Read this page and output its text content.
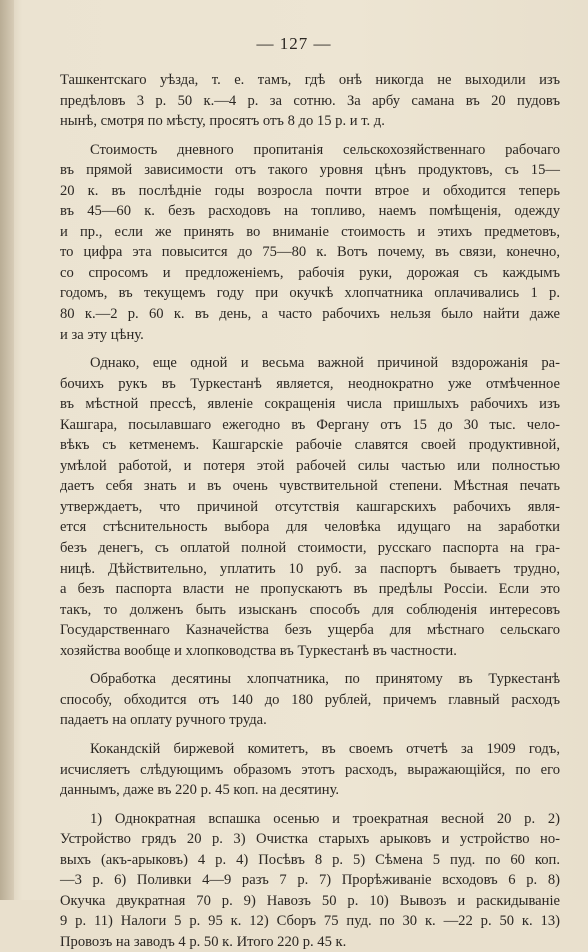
— 127 —

Ташкентскаго уѣзда, т. е. тамъ, гдѣ онѣ никогда не выходили изъ
предѣловъ 3 р. 50 к.—4 р. за сотню. За арбу самана въ 20 пудовъ
нынѣ, смотря по мѣсту, просятъ отъ 8 до 15 р. и т. д.

Стоимость дневного пропитанія сельскохозяйственнаго рабочаго
въ прямой зависимости отъ такого уровня цѣнъ продуктовъ, съ 15—
20 к. въ послѣдніе годы возросла почти втрое и обходится теперь
въ 45—60 к. безъ расходовъ на топливо, наемъ помѣщенія, одежду
и пр., если же принять во вниманіе стоимость и этихъ предметовъ,
то цифра эта повысится до 75—80 к. Вотъ почему, въ связи, конечно,
со спросомъ и предложеніемъ, рабочія руки, дорожая съ каждымъ
годомъ, въ текущемъ году при окучкѣ хлопчатника оплачивались 1 р.
80 к.—2 р. 60 к. въ день, а часто рабочихъ нельзя было найти даже
и за эту цѣну.

Однако, еще одной и весьма важной причиной вздорожанія ра-
бочихъ рукъ въ Туркестанѣ является, неоднократно уже отмѣченное
въ мѣстной прессѣ, явленіе сокращенія числа пришлыхъ рабочихъ изъ
Кашгара, посылавшаго ежегодно въ Фергану отъ 15 до 30 тыс. чело-
вѣкъ съ кетменемъ. Кашгарскіе рабочіе славятся своей продуктивной,
умѣлой работой, и потеря этой рабочей силы частью или полностью
даетъ себя знать и въ очень чувствительной степени. Мѣстная печать
утверждаетъ, что причиной отсутствія кашгарскихъ рабочихъ явля-
ется стѣснительность выбора для человѣка идущаго на заработки
безъ денегъ, съ оплатой полной стоимости, русскаго паспорта на гра-
ницѣ. Дѣйствительно, уплатить 10 руб. за паспортъ бываетъ трудно,
а безъ паспорта власти не пропускаютъ въ предѣлы Россіи. Если это
такъ, то долженъ быть изысканъ способъ для соблюденія интересовъ
Государственнаго Казначейства безъ ущерба для мѣстнаго сельскаго
хозяйства вообще и хлопководства въ Туркестанѣ въ частности.

Обработка десятины хлопчатника, по принятому въ Туркестанѣ
способу, обходится отъ 140 до 180 рублей, причемъ главный расходъ
падаетъ на оплату ручного труда.

Кокандскій биржевой комитетъ, въ своемъ отчетѣ за 1909 годъ,
исчисляетъ слѣдующимъ образомъ этотъ расходъ, выражающійся, по его
даннымъ, даже въ 220 р. 45 коп. на десятину.

1) Однократная вспашка осенью и троекратная весной 20 р. 2)
Устройство грядъ 20 р. 3) Очистка старыхъ арыковъ и устройство но-
выхъ (акъ-арыковъ) 4 р. 4) Посѣвъ 8 р. 5) Сѣмена 5 пуд. по 60 коп.
—3 р. 6) Поливки 4—9 разъ 7 р. 7) Прорѣживаніе всходовъ 6 р. 8)
Окучка двукратная 70 р. 9) Навозъ 50 р. 10) Вывозъ и раскидываніе
9 р. 11) Налоги 5 р. 95 к. 12) Сборъ 75 пуд. по 30 к. —22 р. 50 к. 13)
Провозъ на заводъ 4 р. 50 к. Итого 220 р. 45 к.
